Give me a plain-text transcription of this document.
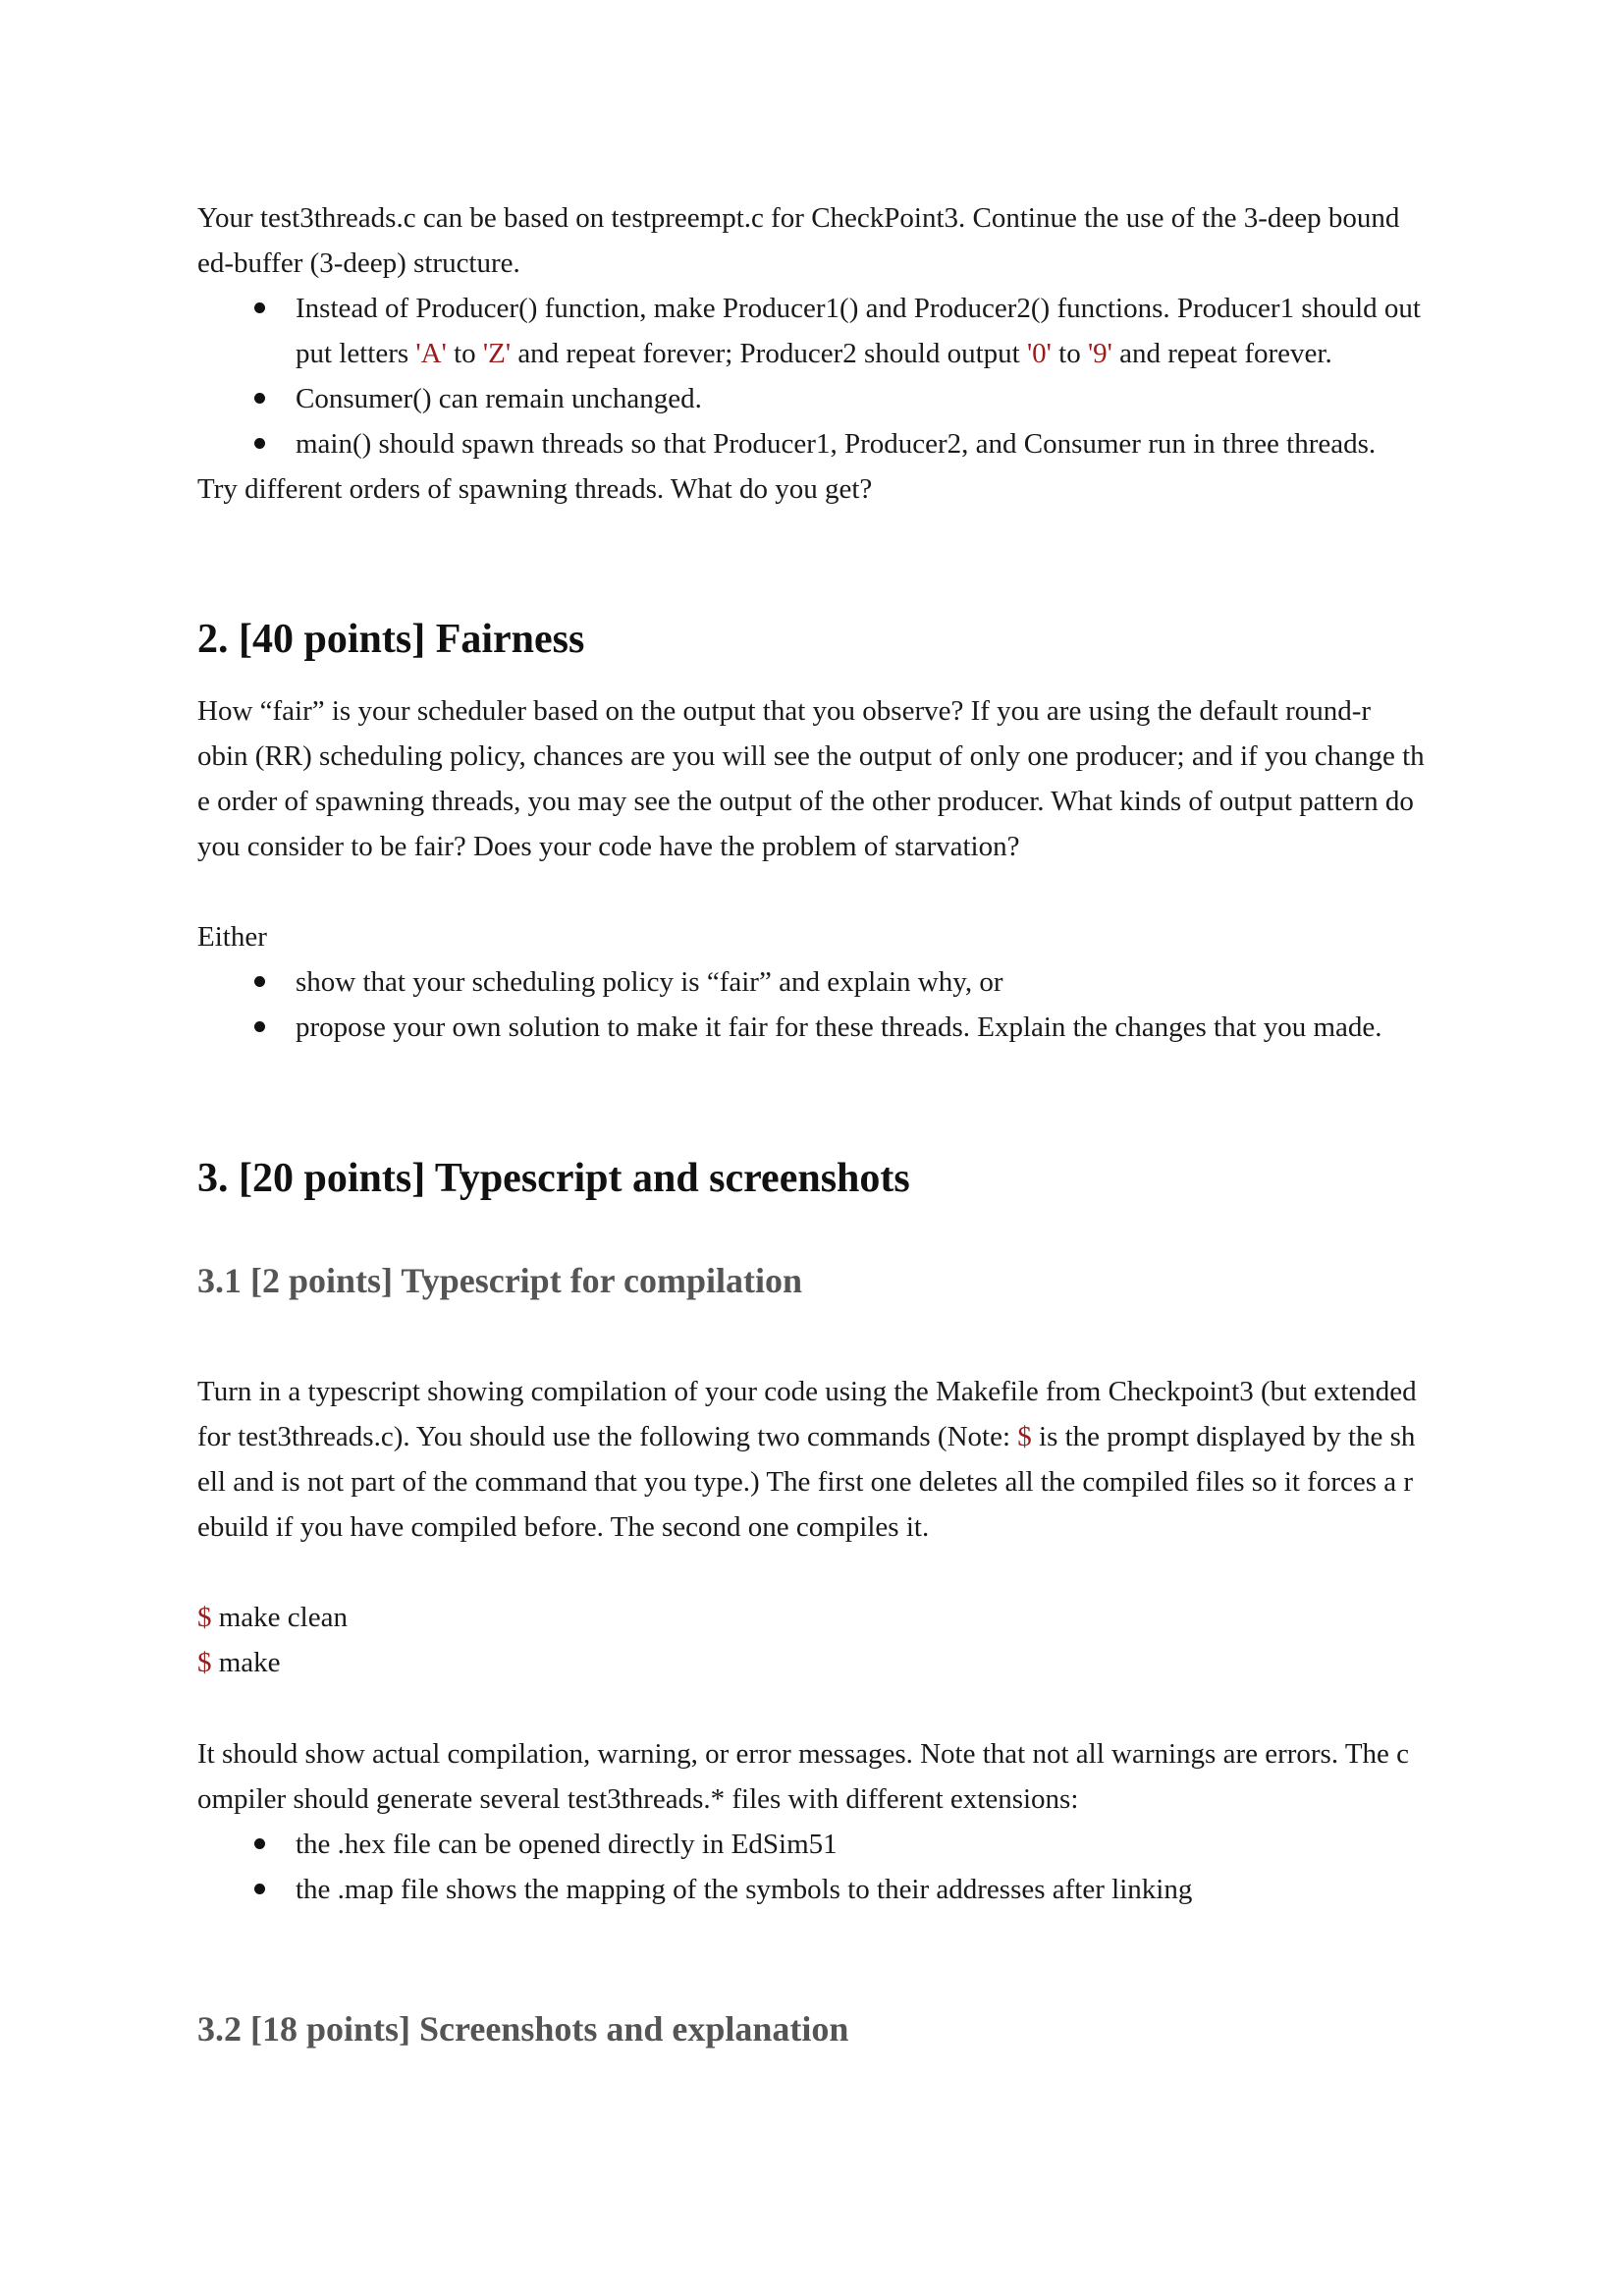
Your test3threads.c can be based on testpreempt.c for CheckPoint3. Continue the use of the 3-deep bound

ed-buffer (3-deep) structure.

Instead of Producer() function, make Producer1() and Producer2() functions. Producer1 should out
put letters 'A' to 'Z' and repeat forever; Producer2 should output '0' to '9' and repeat forever.
Consumer() can remain unchanged.
main() should spawn threads so that Producer1, Producer2, and Consumer run in three threads.

Try different orders of spawning threads. What do you get?

2. [40 points] Fairness

How “fair” is your scheduler based on the output that you observe? If you are using the default round-r

obin (RR) scheduling policy, chances are you will see the output of only one producer; and if you change th

e order of spawning threads, you may see the output of the other producer. What kinds of output pattern do

you consider to be fair? Does your code have the problem of starvation?

Either

show that your scheduling policy is “fair” and explain why, or
propose your own solution to make it fair for these threads. Explain the changes that you made.
3. [20 points] Typescript and screenshots
3.1 [2 points] Typescript for compilation

Turn in a typescript showing compilation of your code using the Makefile from Checkpoint3 (but extended

for test3threads.c). You should use the following two commands (Note: $ is the prompt displayed by the sh

ell and is not part of the command that you type.) The first one deletes all the compiled files so it forces a r

ebuild if you have compiled before. The second one compiles it.

$ make clean

$ make

It should show actual compilation, warning, or error messages. Note that not all warnings are errors. The c

ompiler should generate several test3threads.* files with different extensions:

the .hex file can be opened directly in EdSim51
the .map file shows the mapping of the symbols to their addresses after linking
3.2 [18 points] Screenshots and explanation
